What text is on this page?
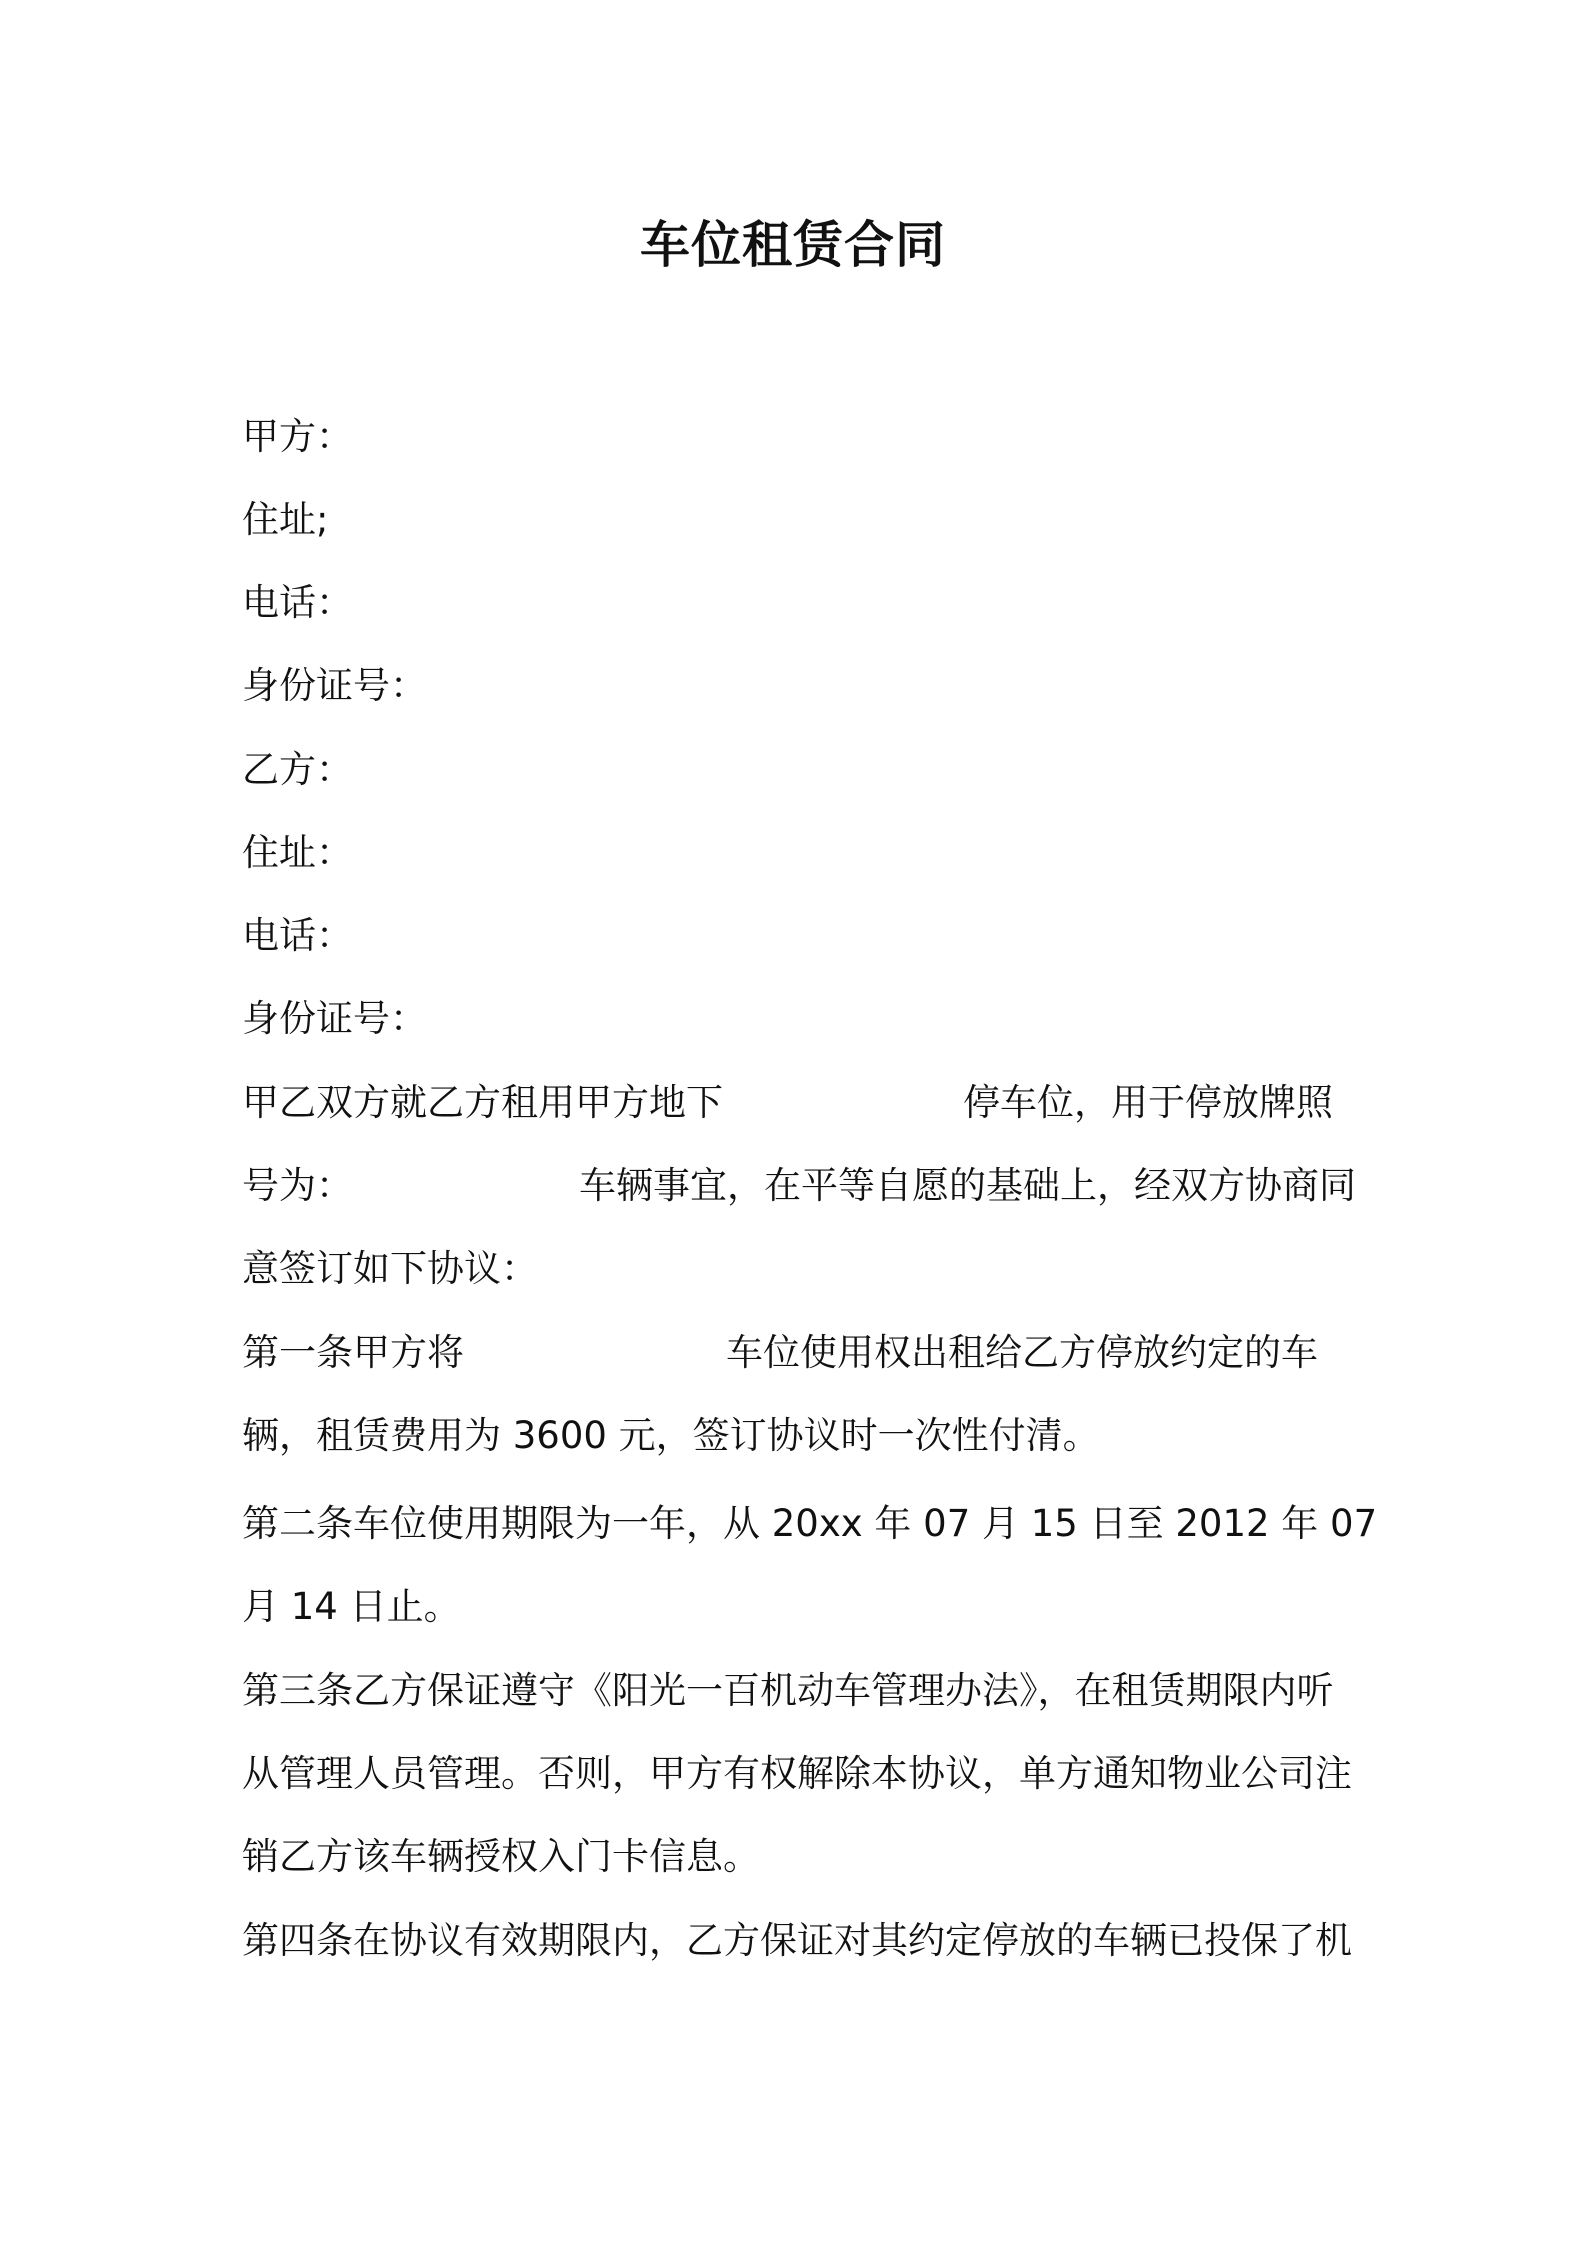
车位租赁合同
甲方：
住址;
电话：
身份证号：
乙方：
住址：
电话：
身份证号：
甲乙双方就乙方租用甲方地下	停车位，用于停放牌照
号为：	车辆事宜，在平等自愿的基础上，经双方协商同
意签订如下协议：
第一条甲方将	车位使用权出租给乙方停放约定的车
辆，租赁费用为 3600 元，签订协议时一次性付清。
第二条车位使用期限为一年，从 20xx 年 07 月 15 日至 2012 年 07
月 14 日止。
第三条乙方保证遵守《阳光一百机动车管理办法》，在租赁期限内听
从管理人员管理。否则，甲方有权解除本协议，单方通知物业公司注
销乙方该车辆授权入门卡信息。
第四条在协议有效期限内，乙方保证对其约定停放的车辆已投保了机
